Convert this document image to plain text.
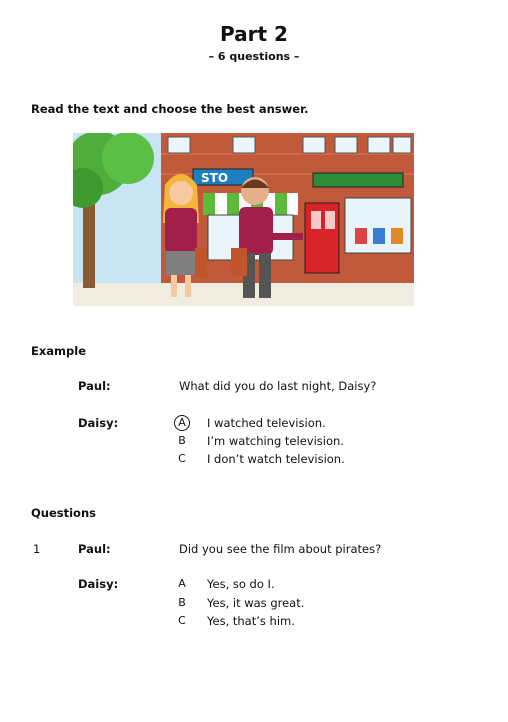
Part 2
– 6 questions –
Read the text and choose the best answer.
STO
Example
Paul:	What did you do last night, Daisy?
Daisy:	A	I watched television.
B	I’m watching television.
C	I don’t watch television.
Questions
1	Paul:	Did you see the film about pirates?
Daisy:	A	Yes, so do I.
B	Yes, it was great.
C	Yes, that’s him.
